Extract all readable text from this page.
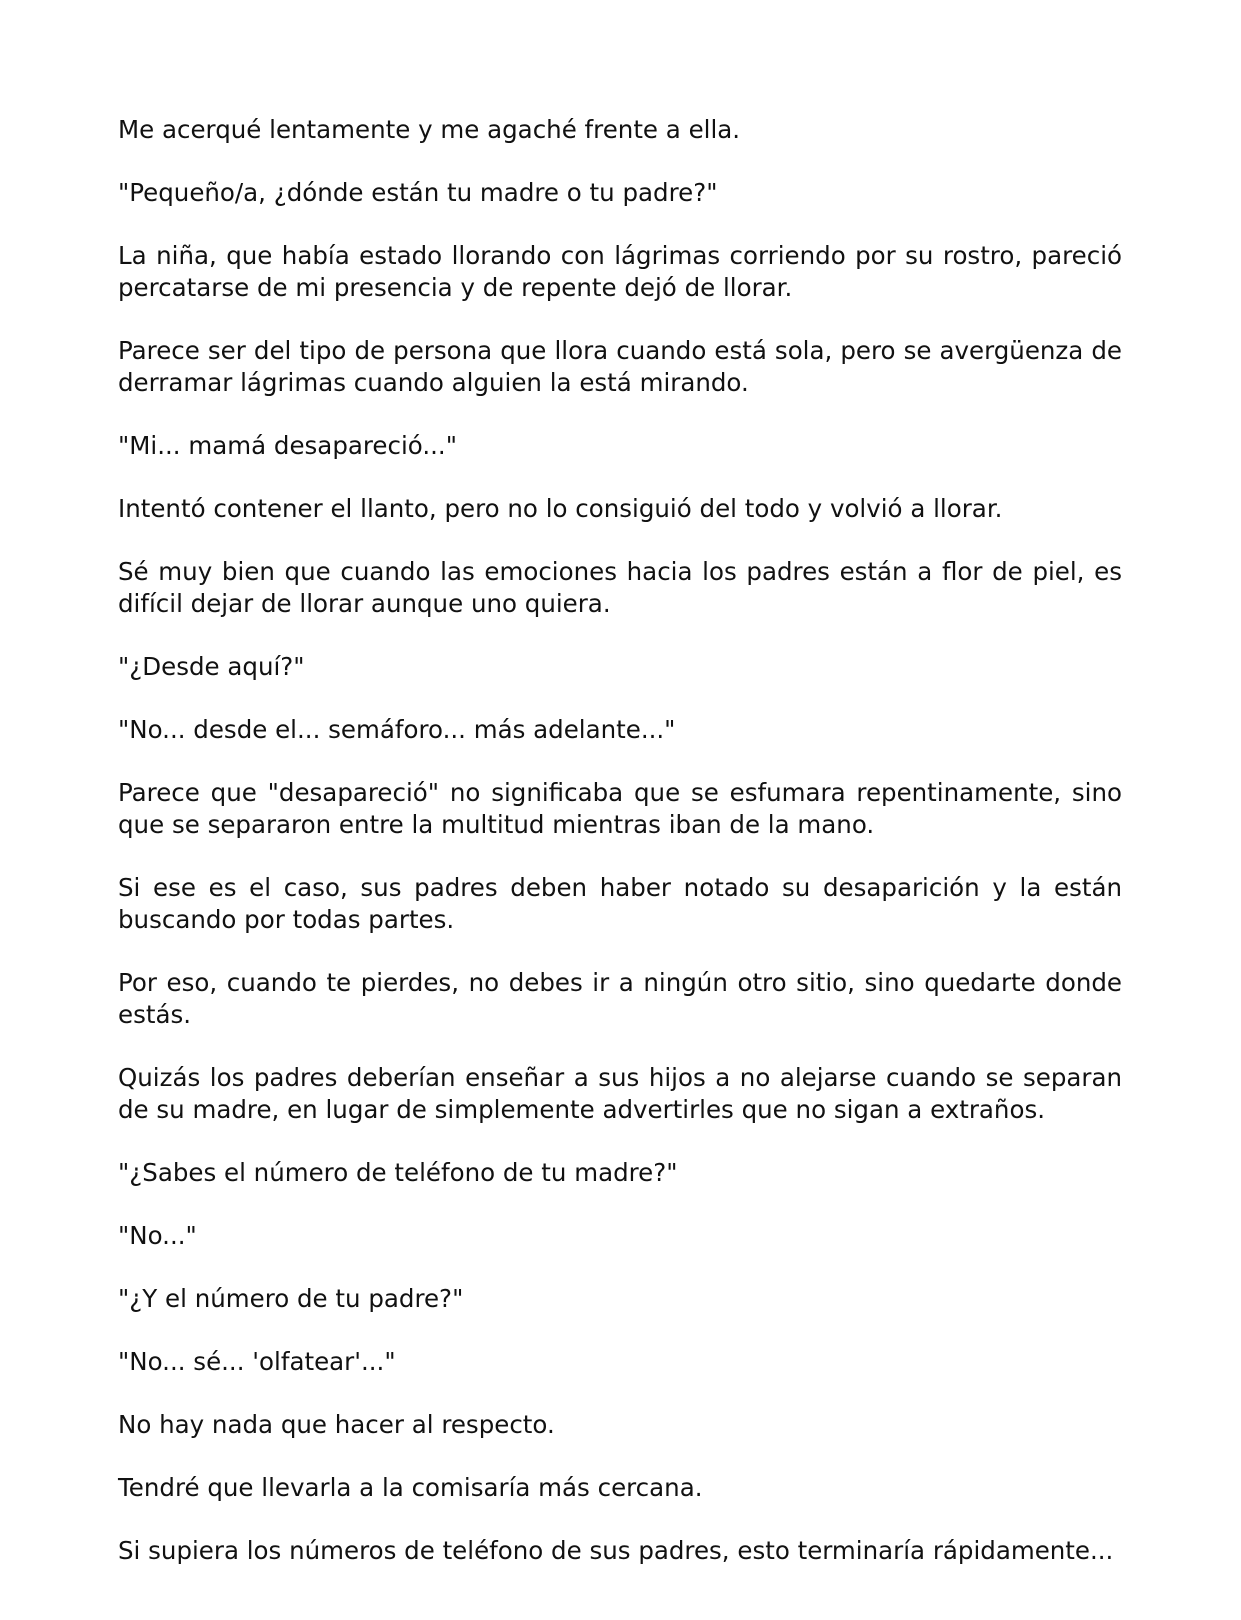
Me acerqué lentamente y me agaché frente a ella.

"Pequeño/a, ¿dónde están tu madre o tu padre?"

La niña, que había estado llorando con lágrimas corriendo por su rostro, pareció percatarse de mi presencia y de repente dejó de llorar.

Parece ser del tipo de persona que llora cuando está sola, pero se avergüenza de derramar lágrimas cuando alguien la está mirando.

"Mi... mamá desapareció..."

Intentó contener el llanto, pero no lo consiguió del todo y volvió a llorar.

Sé muy bien que cuando las emociones hacia los padres están a flor de piel, es difícil dejar de llorar aunque uno quiera.

"¿Desde aquí?"

"No... desde el... semáforo... más adelante..."

Parece que "desapareció" no significaba que se esfumara repentinamente, sino que se separaron entre la multitud mientras iban de la mano.

Si ese es el caso, sus padres deben haber notado su desaparición y la están buscando por todas partes.

Por eso, cuando te pierdes, no debes ir a ningún otro sitio, sino quedarte donde estás.

Quizás los padres deberían enseñar a sus hijos a no alejarse cuando se separan de su madre, en lugar de simplemente advertirles que no sigan a extraños.

"¿Sabes el número de teléfono de tu madre?"

"No..."

"¿Y el número de tu padre?"

"No... sé... 'olfatear'..."

No hay nada que hacer al respecto.

Tendré que llevarla a la comisaría más cercana.

Si supiera los números de teléfono de sus padres, esto terminaría rápidamente...
